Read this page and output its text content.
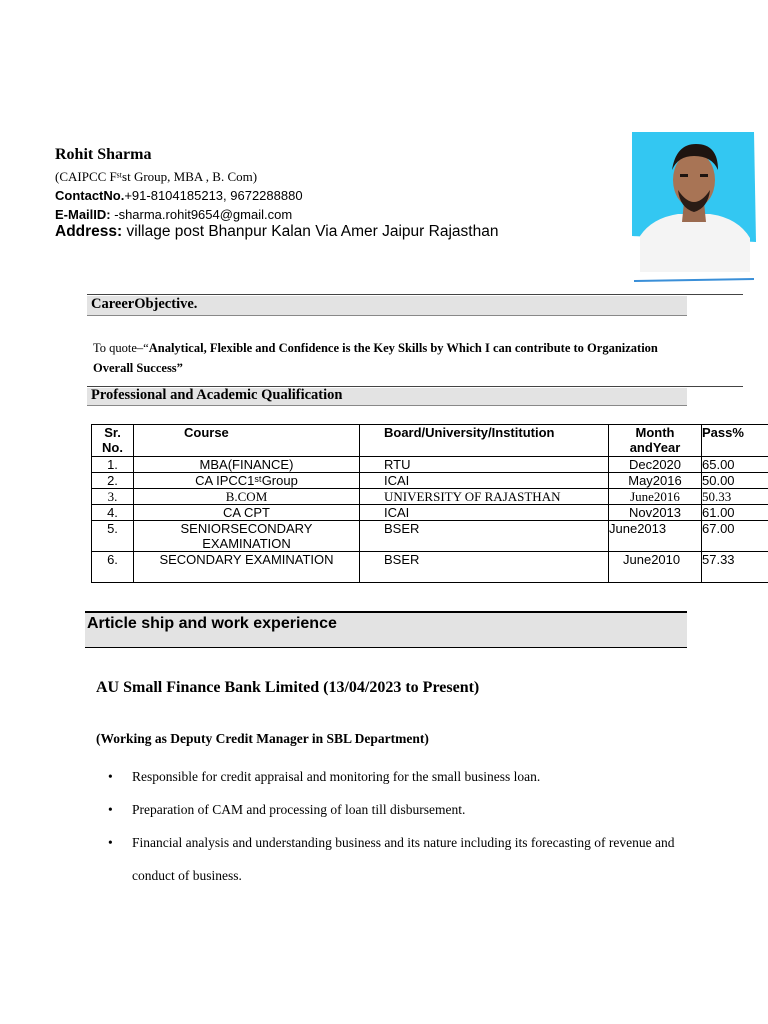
Rohit Sharma
(CAIPCC Fˢᵗst Group, MBA , B. Com)
ContactNo.+91-8104185213, 9672288880
E-MailID: -sharma.rohit9654@gmail.com
Address: village post Bhanpur Kalan Via Amer Jaipur Rajasthan
CareerObjective.
To quote–“Analytical, Flexible and Confidence is the Key Skills by Which I can contribute to Organization Overall Success”
Professional and Academic Qualification
Sr. No.	Course	Board/University/Institution	Month andYear	Pass%
1.	MBA(FINANCE)	RTU	Dec2020	65.00
2.	CA IPCC1ˢᵗGroup	ICAI	May2016	50.00
3.	B.COM	UNIVERSITY OF RAJASTHAN	June2016	50.33
4.	CA CPT	ICAI	Nov2013	61.00
5.	SENIORSECONDARY EXAMINATION	BSER	June2013	67.00
6.	SECONDARY EXAMINATION	BSER	June2010	57.33
Article ship and work experience
AU Small Finance Bank Limited (13/04/2023 to Present)
(Working as Deputy Credit Manager in SBL Department)
• Responsible for credit appraisal and monitoring for the small business loan.
• Preparation of CAM and processing of loan till disbursement.
• Financial analysis and understanding business and its nature including its forecasting of revenue and conduct of business.
